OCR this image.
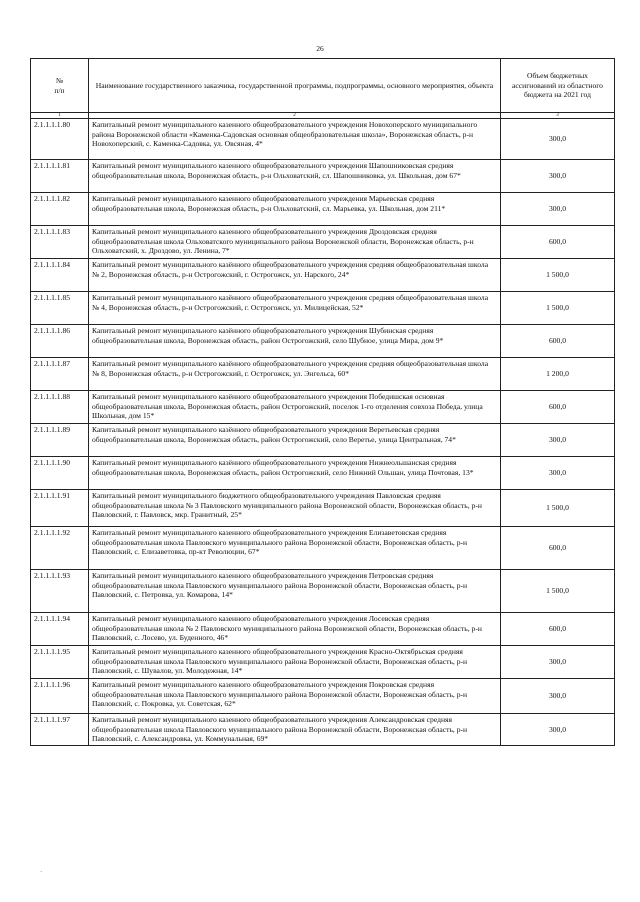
26
№
п/п	Наименование государственного заказчика, государственной программы, подпрограммы, основного мероприятия, объекта	Объем бюджетных ассигнований из областного бюджета на 2021 год
1	2	3
2.1.1.1.1.80	Капитальный ремонт муниципального казенного общеобразовательного учреждения Новохоперского муниципального района Воронежской области «Каменка-Садовская основная общеобразовательная школа», Воронежская область, р-н Новохоперский, с. Каменка-Садовка, ул. Овсяная, 4*	300,0
2.1.1.1.1.81	Капитальный ремонт муниципального казенного общеобразовательного учреждения Шапошниковская средняя общеобразовательная школа, Воронежская область, р-н Ольховатский, сл. Шапошниковка, ул. Школьная, дом 67*	300,0
2.1.1.1.1.82	Капитальный ремонт муниципального казенного общеобразовательного учреждения Марьевская средняя общеобразовательная школа, Воронежская область, р-н Ольховатский, сл. Марьевка, ул. Школьная, дом 211*	300,0
2.1.1.1.1.83	Капитальный ремонт муниципального казенного общеобразовательного учреждения Дроздовская средняя общеобразовательная школа Ольховатского муниципального района Воронежской области, Воронежская область, р-н Ольховатский, х. Дроздово, ул. Ленина, 7*	600,0
2.1.1.1.1.84	Капитальный ремонт муниципального казённого общеобразовательного учреждения средняя общеобразовательная школа № 2, Воронежская область, р-н Острогожский, г. Острогожск, ул. Нарского, 24*	1 500,0
2.1.1.1.1.85	Капитальный ремонт муниципального казённого общеобразовательного учреждения средняя общеобразовательная школа № 4, Воронежская область, р-н Острогожский, г. Острогожск, ул. Милицейская, 52*	1 500,0
2.1.1.1.1.86	Капитальный ремонт муниципального казённого общеобразовательного учреждения Шубинская средняя общеобразовательная школа, Воронежская область, район Острогожский, село Шубное, улица Мира, дом 9*	600,0
2.1.1.1.1.87	Капитальный ремонт муниципального казённого общеобразовательного учреждения средняя общеобразовательная школа № 8, Воронежская область, р-н Острогожский, г. Острогожск, ул. Энгельса, 60*	1 200,0
2.1.1.1.1.88	Капитальный ремонт муниципального казённого общеобразовательного учреждения Победишская основная общеобразовательная школа, Воронежская область, район Острогожский, поселок 1-го отделения совхоза Победа, улица Школьная, дом 15*	600,0
2.1.1.1.1.89	Капитальный ремонт муниципального казённого общеобразовательного учреждения Веретьевская средняя общеобразовательная школа, Воронежская область, район Острогожский, село Веретье, улица Центральная, 74*	300,0
2.1.1.1.1.90	Капитальный ремонт муниципального казённого общеобразовательного учреждения Нижнеольшанская средняя общеобразовательная школа, Воронежская область, район Острогожский, село Нижний Ольшан, улица Почтовая, 13*	300,0
2.1.1.1.1.91	Капитальный ремонт муниципального бюджетного общеобразовательного учреждения Павловская средняя общеобразовательная школа № 3 Павловского муниципального района Воронежской области, Воронежская область, р-н Павловский, г. Павловск, мкр. Гранитный, 25*	1 500,0
2.1.1.1.1.92	Капитальный ремонт муниципального казенного общеобразовательного учреждения Елизаветовская средняя общеобразовательная школа Павловского муниципального района Воронежской области, Воронежская область, р-н Павловский, с. Елизаветовка, пр-кт Революции, 67*	600,0
2.1.1.1.1.93	Капитальный ремонт муниципального казенного общеобразовательного учреждения Петровская средняя общеобразовательная школа Павловского муниципального района Воронежской области, Воронежская область, р-н Павловский, с. Петровка, ул. Комарова, 14*	1 500,0
2.1.1.1.1.94	Капитальный ремонт муниципального казенного общеобразовательного учреждения Лосевская средняя общеобразовательная школа № 2 Павловского муниципального района Воронежской области, Воронежская область, р-н Павловский, с. Лосево, ул. Буденного, 46*	600,0
2.1.1.1.1.95	Капитальный ремонт муниципального казенного общеобразовательного учреждения Красно-Октябрьская средняя общеобразовательная школа Павловского муниципального района Воронежской области, Воронежская область, р-н Павловский, с. Шувалов, ул. Молодежная, 14*	300,0
2.1.1.1.1.96	Капитальный ремонт муниципального казенного общеобразовательного учреждения Покровская средняя общеобразовательная школа Павловского муниципального района Воронежской области, Воронежская область, р-н Павловский, с. Покровка, ул. Советская, 62*	300,0
2.1.1.1.1.97	Капитальный ремонт муниципального казенного общеобразовательного учреждения Александровская средняя общеобразовательная школа Павловского муниципального района Воронежской области, Воронежская область, р-н Павловский, с. Александровка, ул. Коммунальная, 69*	300,0
·
